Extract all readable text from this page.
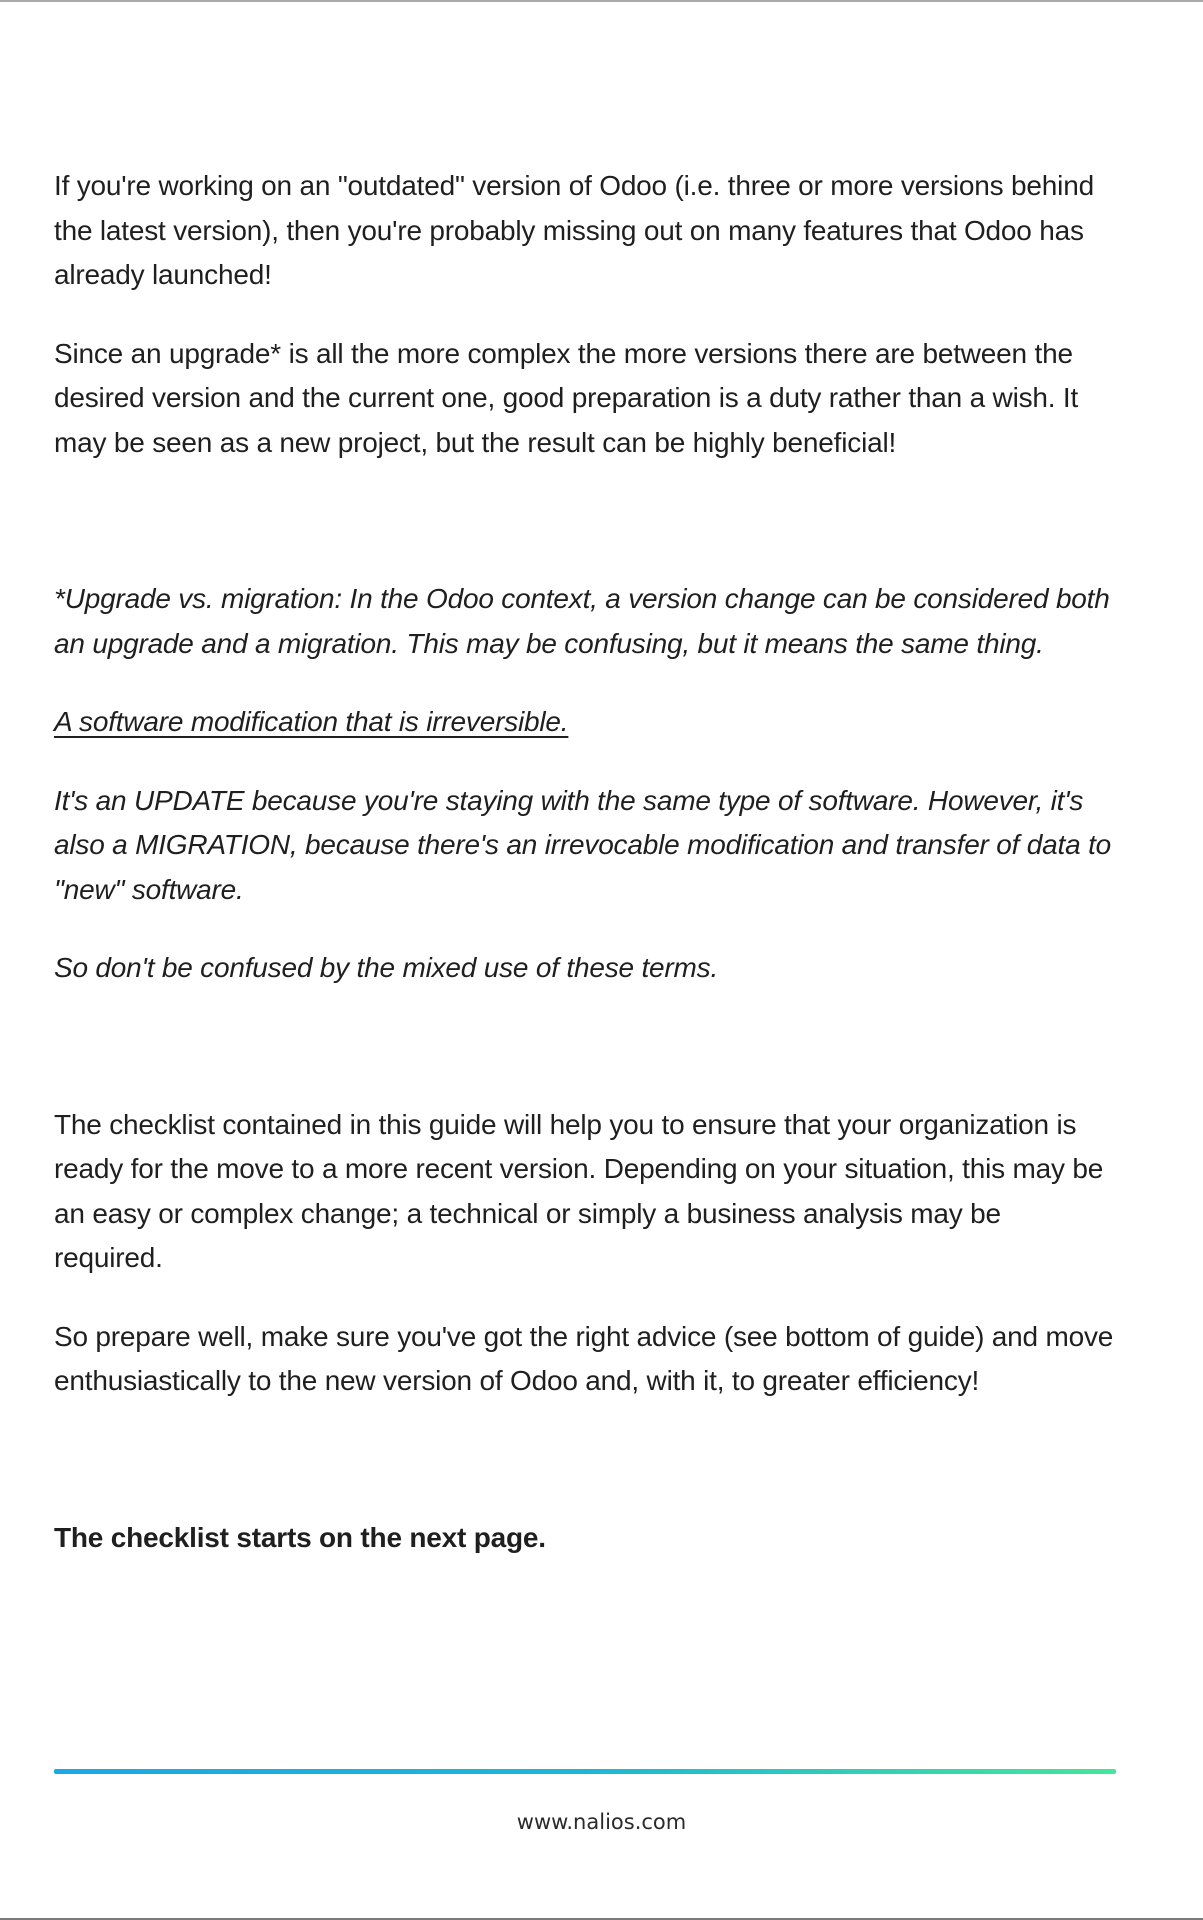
If you're working on an "outdated" version of Odoo (i.e. three or more versions behind the latest version), then you're probably missing out on many features that Odoo has already launched!

Since an upgrade* is all the more complex the more versions there are between the desired version and the current one, good preparation is a duty rather than a wish. It may be seen as a new project, but the result can be highly beneficial!

*Upgrade vs. migration: In the Odoo context, a version change can be considered both an upgrade and a migration. This may be confusing, but it means the same thing.

A software modification that is irreversible.

It's an UPDATE because you're staying with the same type of software. However, it's also a MIGRATION, because there's an irrevocable modification and transfer of data to "new" software.

So don't be confused by the mixed use of these terms.

The checklist contained in this guide will help you to ensure that your organization is ready for the move to a more recent version. Depending on your situation, this may be an easy or complex change; a technical or simply a business analysis may be required.

So prepare well, make sure you've got the right advice (see bottom of guide) and move enthusiastically to the new version of Odoo and, with it, to greater efficiency!

The checklist starts on the next page.

www.nalios.com
